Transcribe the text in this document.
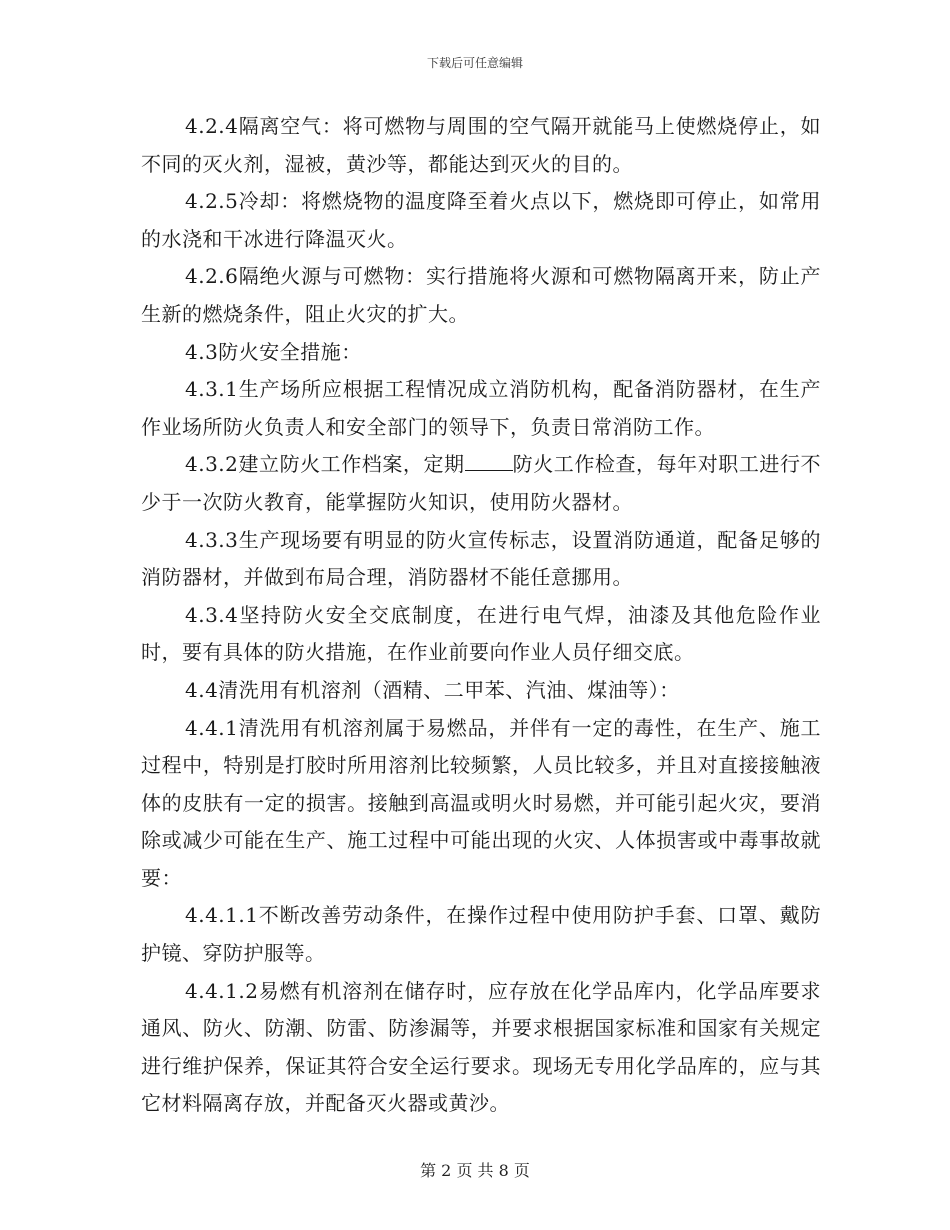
下载后可任意编辑

4.2.4隔离空气：将可燃物与周围的空气隔开就能马上使燃烧停止，如不同的灭火剂，湿被，黄沙等，都能达到灭火的目的。

4.2.5冷却：将燃烧物的温度降至着火点以下，燃烧即可停止，如常用的水浇和干冰进行降温灭火。

4.2.6隔绝火源与可燃物：实行措施将火源和可燃物隔离开来，防止产生新的燃烧条件，阻止火灾的扩大。

4.3防火安全措施：

4.3.1生产场所应根据工程情况成立消防机构，配备消防器材，在生产作业场所防火负责人和安全部门的领导下，负责日常消防工作。

4.3.2建立防火工作档案，定期 防火工作检查，每年对职工进行不少于一次防火教育，能掌握防火知识，使用防火器材。

4.3.3生产现场要有明显的防火宣传标志，设置消防通道，配备足够的消防器材，并做到布局合理，消防器材不能任意挪用。

4.3.4坚持防火安全交底制度，在进行电气焊，油漆及其他危险作业时，要有具体的防火措施，在作业前要向作业人员仔细交底。

4.4清洗用有机溶剂（酒精、二甲苯、汽油、煤油等）：

4.4.1清洗用有机溶剂属于易燃品，并伴有一定的毒性，在生产、施工过程中，特别是打胶时所用溶剂比较频繁，人员比较多，并且对直接接触液体的皮肤有一定的损害。接触到高温或明火时易燃，并可能引起火灾，要消除或减少可能在生产、施工过程中可能出现的火灾、人体损害或中毒事故就要：

4.4.1.1不断改善劳动条件，在操作过程中使用防护手套、口罩、戴防护镜、穿防护服等。

4.4.1.2易燃有机溶剂在储存时，应存放在化学品库内，化学品库要求通风、防火、防潮、防雷、防渗漏等，并要求根据国家标准和国家有关规定进行维护保养，保证其符合安全运行要求。现场无专用化学品库的，应与其它材料隔离存放，并配备灭火器或黄沙。

第 2 页 共 8 页
